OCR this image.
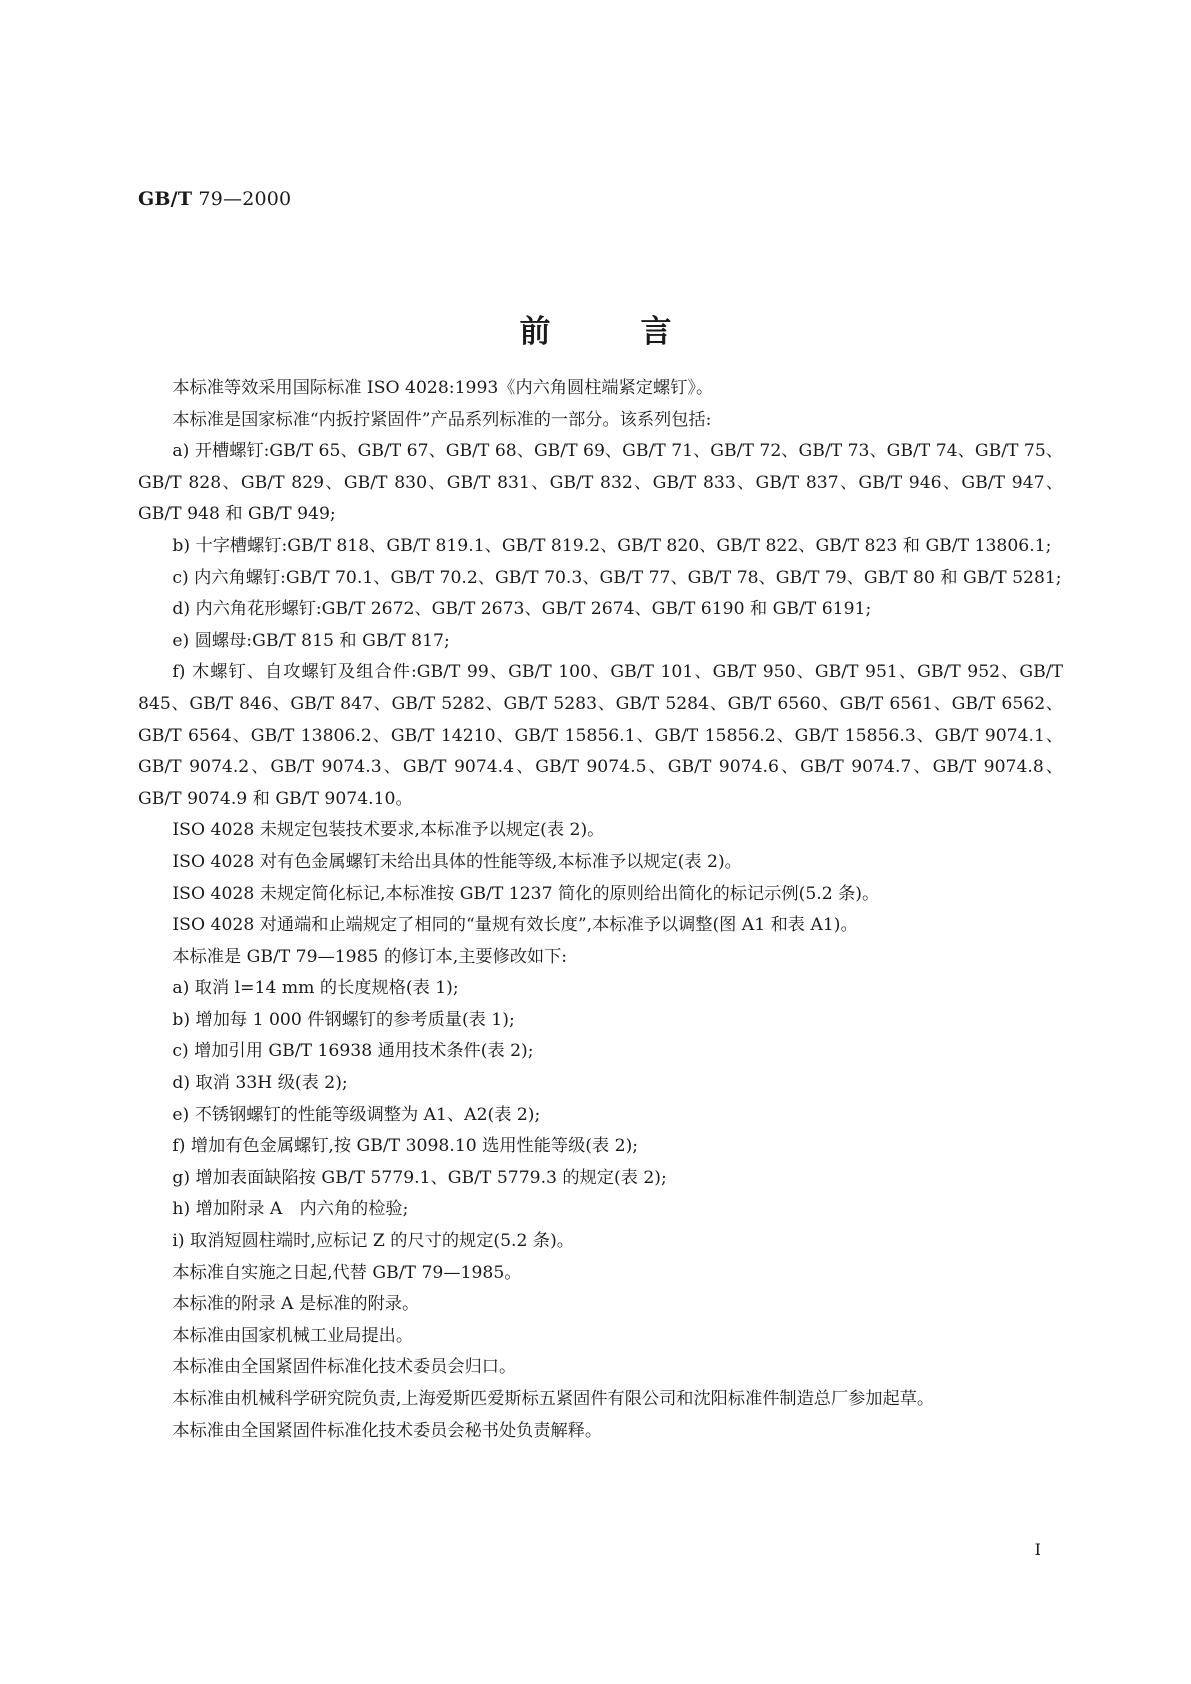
GB/T 79—2000
前言

本标准等效采用国际标准 ISO 4028:1993《内六角圆柱端紧定螺钉》。

本标准是国家标准“内扳拧紧固件”产品系列标准的一部分。该系列包括:

a) 开槽螺钉:GB/T 65、GB/T 67、GB/T 68、GB/T 69、GB/T 71、GB/T 72、GB/T 73、GB/T 74、GB/T 75、GB/T 828、GB/T 829、GB/T 830、GB/T 831、GB/T 832、GB/T 833、GB/T 837、GB/T 946、GB/T 947、GB/T 948 和 GB/T 949;

b) 十字槽螺钉:GB/T 818、GB/T 819.1、GB/T 819.2、GB/T 820、GB/T 822、GB/T 823 和 GB/T 13806.1;

c) 内六角螺钉:GB/T 70.1、GB/T 70.2、GB/T 70.3、GB/T 77、GB/T 78、GB/T 79、GB/T 80 和 GB/T 5281;

d) 内六角花形螺钉:GB/T 2672、GB/T 2673、GB/T 2674、GB/T 6190 和 GB/T 6191;

e) 圆螺母:GB/T 815 和 GB/T 817;

f) 木螺钉、自攻螺钉及组合件:GB/T 99、GB/T 100、GB/T 101、GB/T 950、GB/T 951、GB/T 952、GB/T 845、GB/T 846、GB/T 847、GB/T 5282、GB/T 5283、GB/T 5284、GB/T 6560、GB/T 6561、GB/T 6562、GB/T 6564、GB/T 13806.2、GB/T 14210、GB/T 15856.1、GB/T 15856.2、GB/T 15856.3、GB/T 9074.1、GB/T 9074.2、GB/T 9074.3、GB/T 9074.4、GB/T 9074.5、GB/T 9074.6、GB/T 9074.7、GB/T 9074.8、GB/T 9074.9 和 GB/T 9074.10。

ISO 4028 未规定包装技术要求,本标准予以规定(表 2)。

ISO 4028 对有色金属螺钉未给出具体的性能等级,本标准予以规定(表 2)。

ISO 4028 未规定简化标记,本标准按 GB/T 1237 简化的原则给出简化的标记示例(5.2 条)。

ISO 4028 对通端和止端规定了相同的“量规有效长度”,本标准予以调整(图 A1 和表 A1)。

本标准是 GB/T 79—1985 的修订本,主要修改如下:

a) 取消 l=14 mm 的长度规格(表 1);

b) 增加每 1 000 件钢螺钉的参考质量(表 1);

c) 增加引用 GB/T 16938 通用技术条件(表 2);

d) 取消 33H 级(表 2);

e) 不锈钢螺钉的性能等级调整为 A1、A2(表 2);

f) 增加有色金属螺钉,按 GB/T 3098.10 选用性能等级(表 2);

g) 增加表面缺陷按 GB/T 5779.1、GB/T 5779.3 的规定(表 2);

h) 增加附录 A　内六角的检验;

i) 取消短圆柱端时,应标记 Z 的尺寸的规定(5.2 条)。

本标准自实施之日起,代替 GB/T 79—1985。

本标准的附录 A 是标准的附录。

本标准由国家机械工业局提出。

本标准由全国紧固件标准化技术委员会归口。

本标准由机械科学研究院负责,上海爱斯匹爱斯标五紧固件有限公司和沈阳标准件制造总厂参加起草。

本标准由全国紧固件标准化技术委员会秘书处负责解释。

I
